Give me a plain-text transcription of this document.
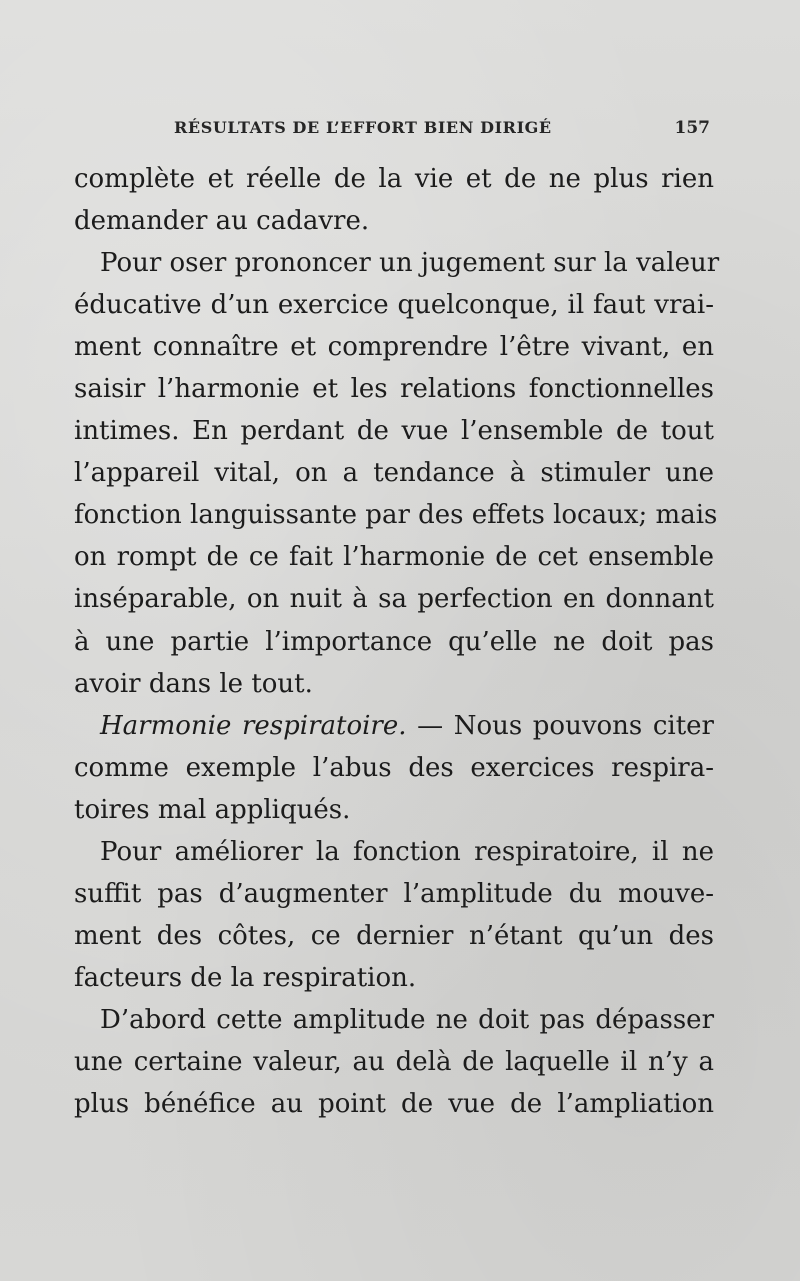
RÉSULTATS DE L’EFFORT BIEN DIRIGÉ	157
complète et réelle de la vie et de ne plus rien
demander au cadavre.
Pour oser prononcer un jugement sur la valeur
éducative d’un exercice quelconque, il faut vrai-
ment connaître et comprendre l’être vivant, en
saisir l’harmonie et les relations fonctionnelles
intimes. En perdant de vue l’ensemble de tout
l’appareil vital, on a tendance à stimuler une
fonction languissante par des effets locaux; mais
on rompt de ce fait l’harmonie de cet ensemble
inséparable, on nuit à sa perfection en donnant
à une partie l’importance qu’elle ne doit pas
avoir dans le tout.
Harmonie respiratoire. — Nous pouvons citer
comme exemple l’abus des exercices respira-
toires mal appliqués.
Pour améliorer la fonction respiratoire, il ne
suffit pas d’augmenter l’amplitude du mouve-
ment des côtes, ce dernier n’étant qu’un des
facteurs de la respiration.
D’abord cette amplitude ne doit pas dépasser
une certaine valeur, au delà de laquelle il n’y a
plus bénéfice au point de vue de l’ampliation
